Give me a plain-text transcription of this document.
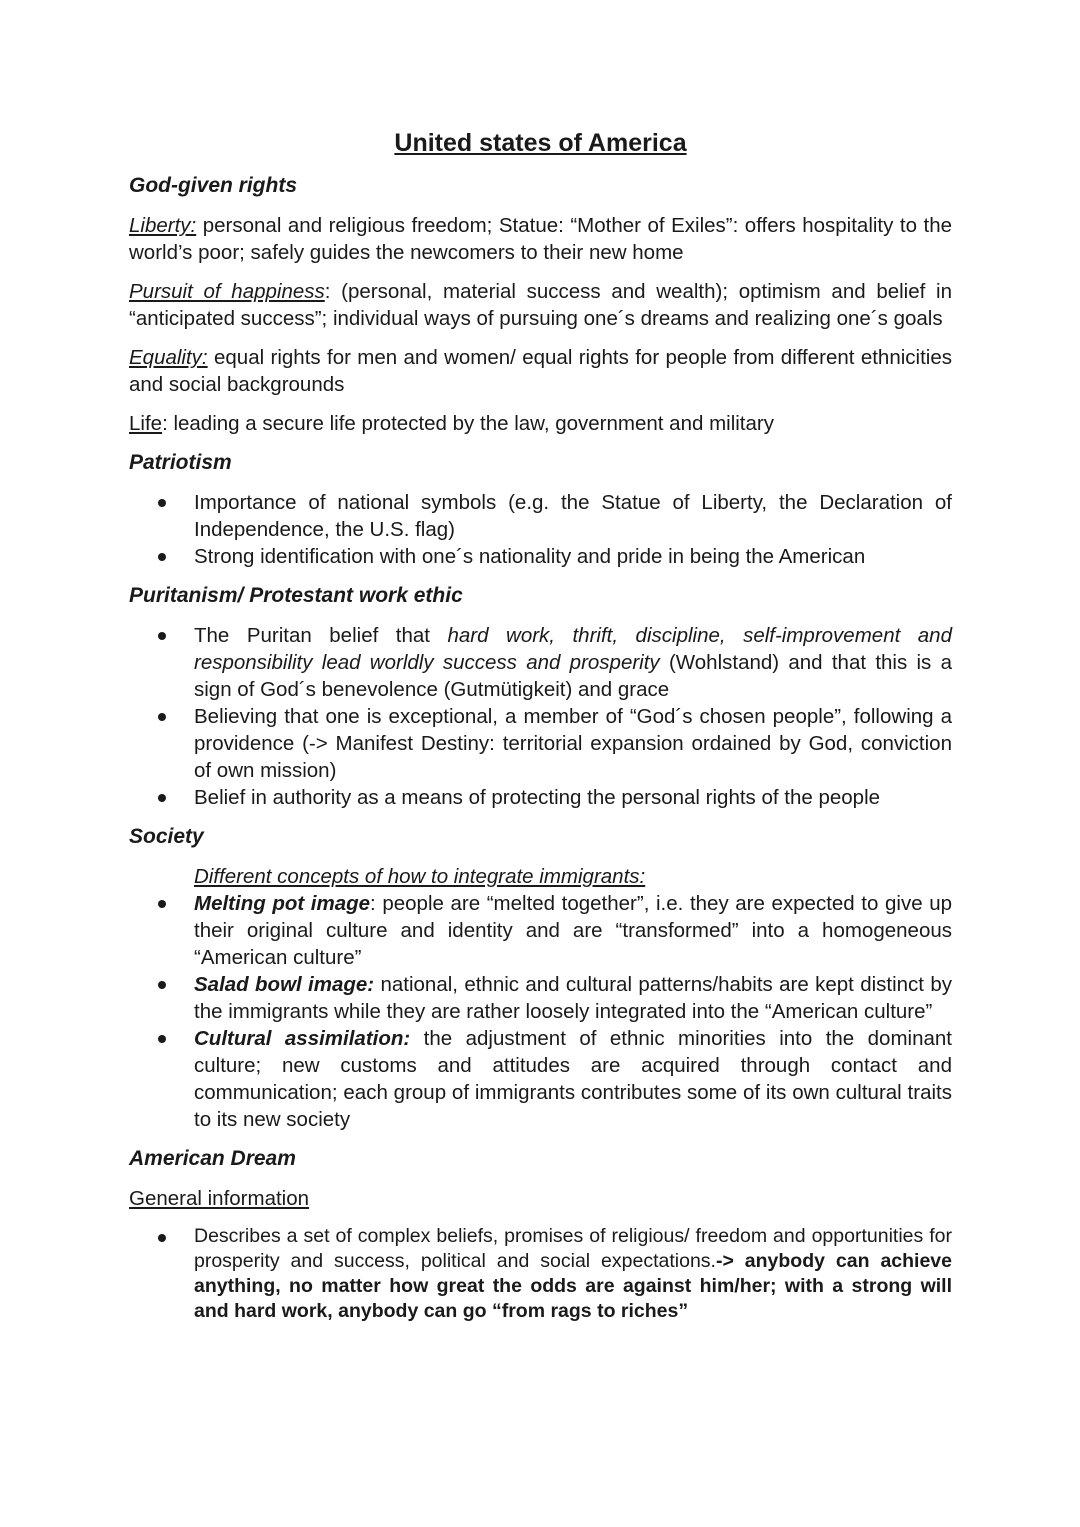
United states of America
God-given rights

Liberty: personal and religious freedom; Statue: “Mother of Exiles”: offers hospitality to the world’s poor; safely guides the newcomers to their new home

Pursuit of happiness: (personal, material success and wealth); optimism and belief in “anticipated success”; individual ways of pursuing one´s dreams and realizing one´s goals

Equality: equal rights for men and women/ equal rights for people from different ethnicities and social backgrounds

Life: leading a secure life protected by the law, government and military

Patriotism
Importance of national symbols (e.g. the Statue of Liberty, the Declaration of Independence, the U.S. flag)
Strong identification with one´s nationality and pride in being the American
Puritanism/ Protestant work ethic
The Puritan belief that hard work, thrift, discipline, self-improvement and responsibility lead worldly success and prosperity (Wohlstand) and that this is a sign of God´s benevolence (Gutmütigkeit) and grace
Believing that one is exceptional, a member of “God´s chosen people”, following a providence (-> Manifest Destiny: territorial expansion ordained by God, conviction of own mission)
Belief in authority as a means of protecting the personal rights of the people
Society
Different concepts of how to integrate immigrants:
Melting pot image: people are “melted together”, i.e. they are expected to give up their original culture and identity and are “transformed” into a homogeneous “American culture”
Salad bowl image: national, ethnic and cultural patterns/habits are kept distinct by the immigrants while they are rather loosely integrated into the “American culture”
Cultural assimilation: the adjustment of ethnic minorities into the dominant culture; new customs and attitudes are acquired through contact and communication; each group of immigrants contributes some of its own cultural traits to its new society
American Dream

General information

Describes a set of complex beliefs, promises of religious/ freedom and opportunities for prosperity and success, political and social expectations.-> anybody can achieve anything, no matter how great the odds are against him/her; with a strong will and hard work, anybody can go “from rags to riches”
